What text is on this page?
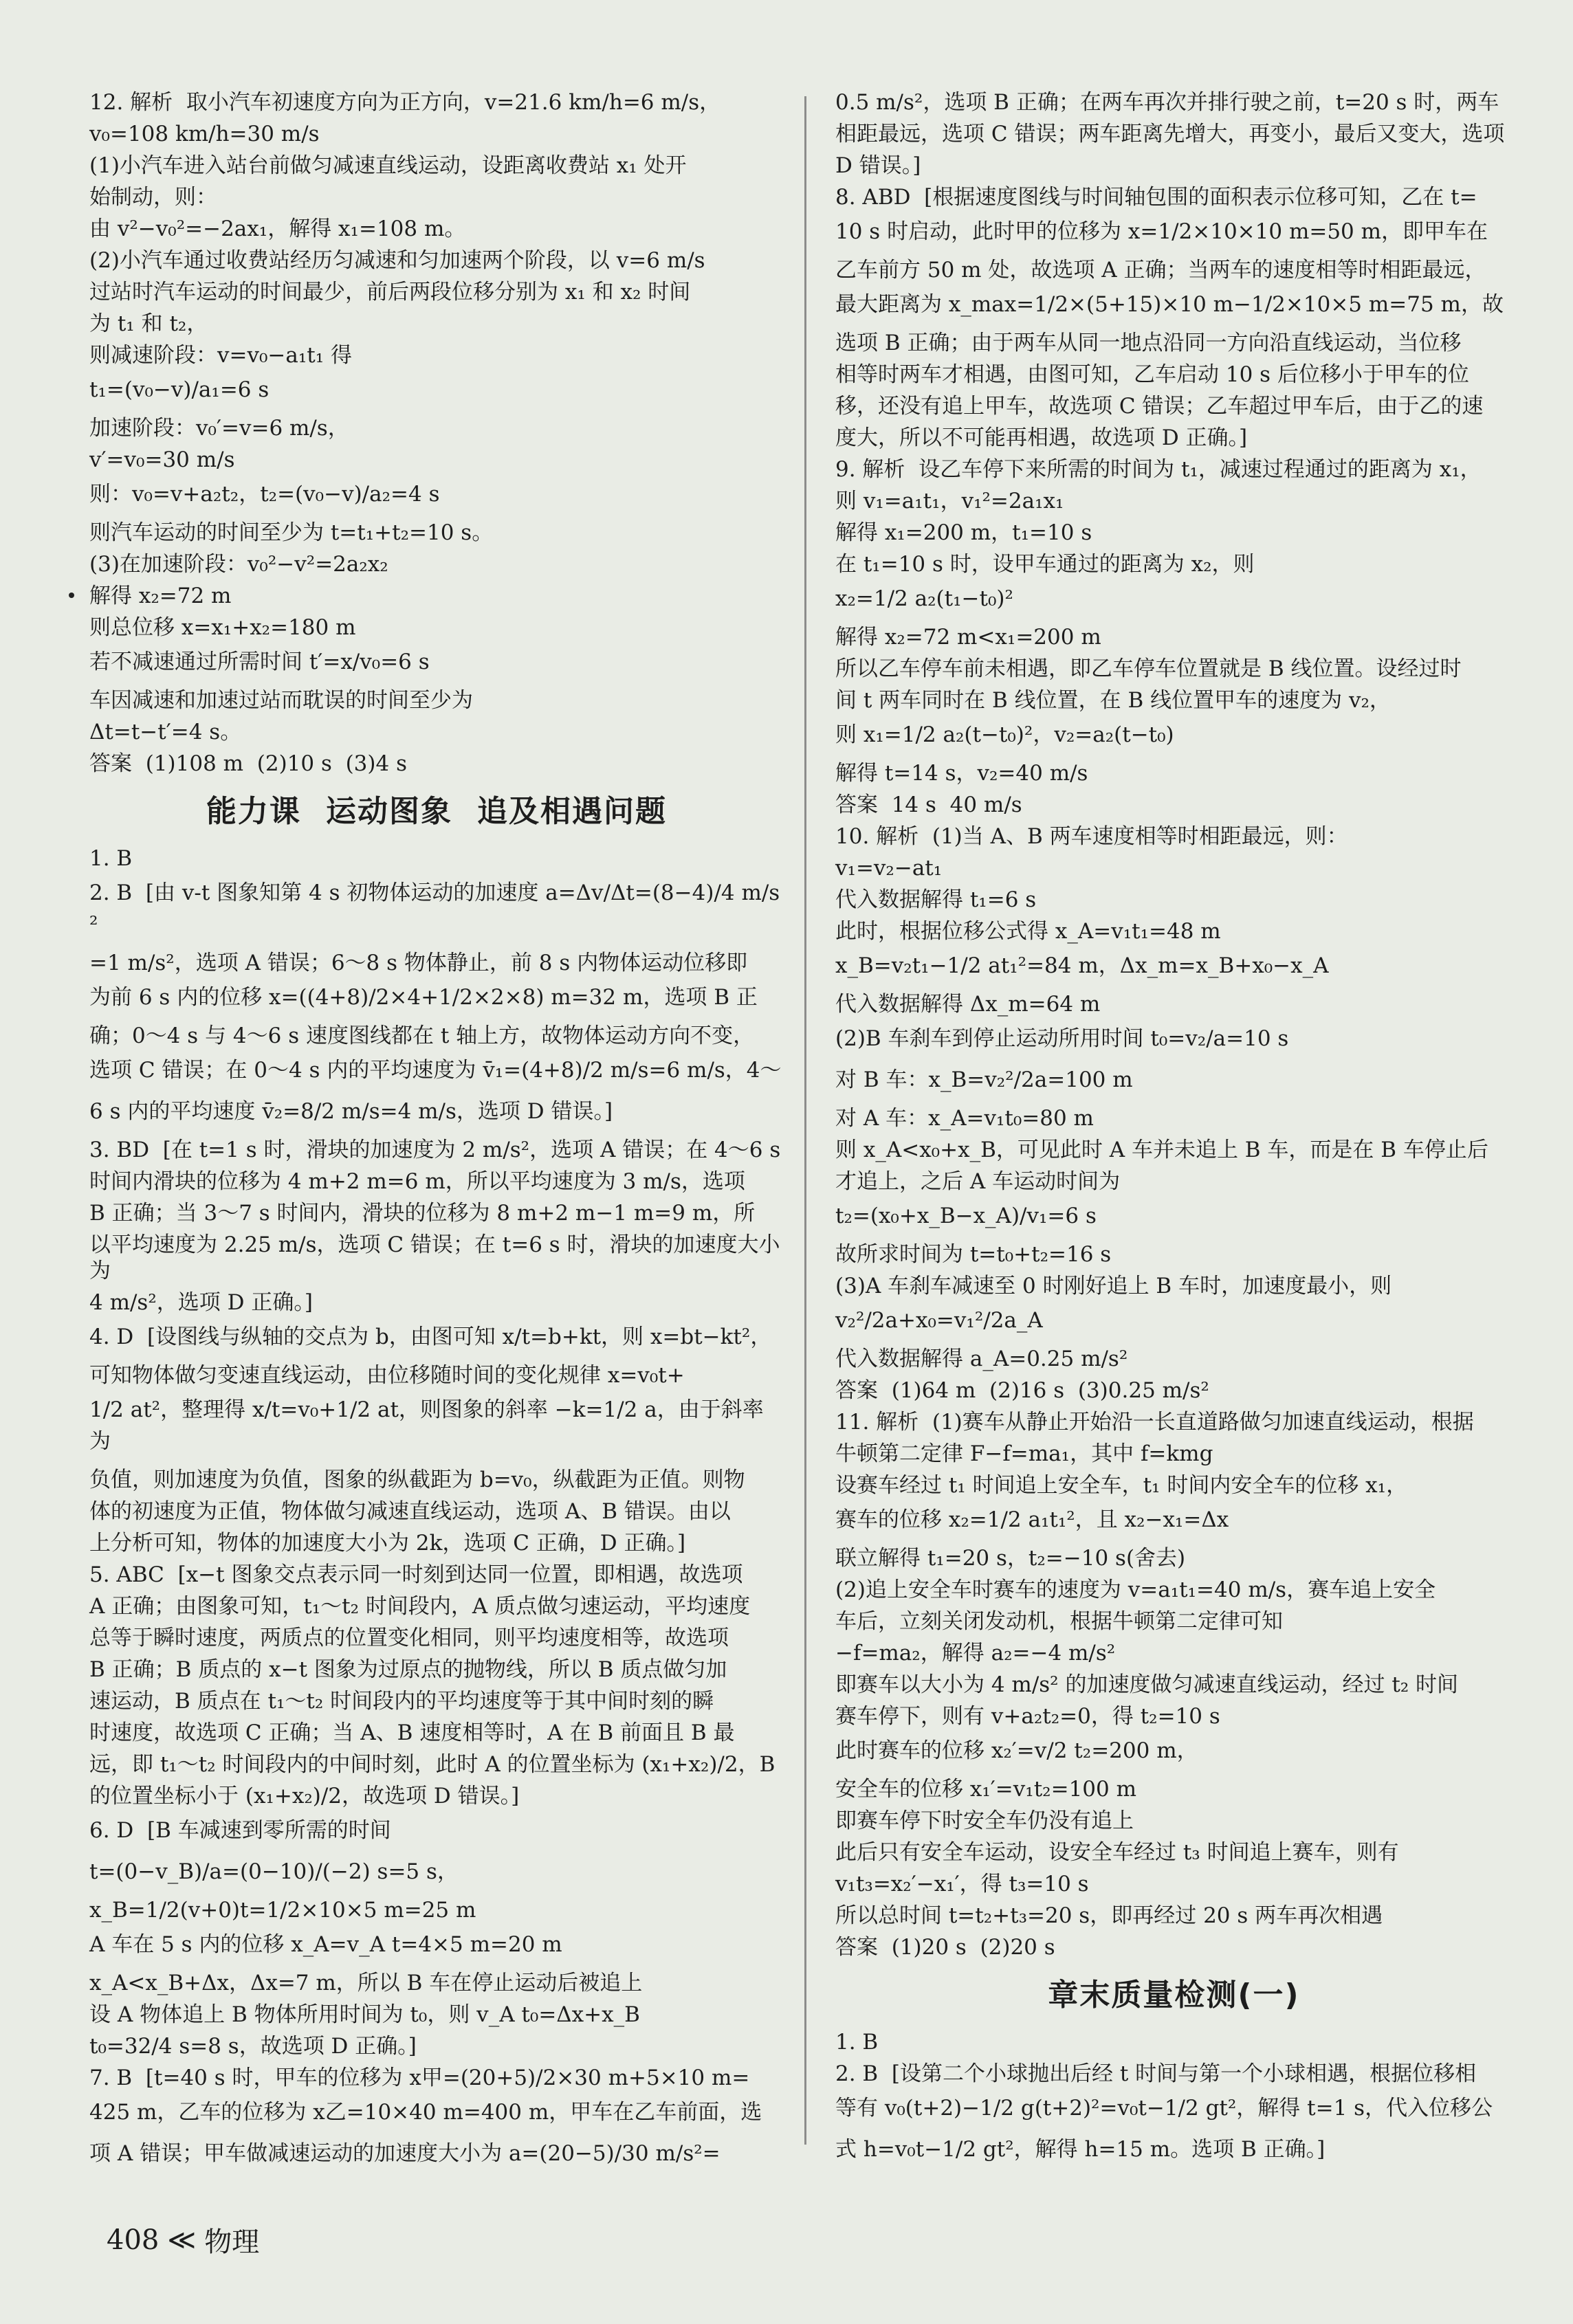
12. 解析  取小汽车初速度方向为正方向，v=21.6 km/h=6 m/s，
v₀=108 km/h=30 m/s
(1)小汽车进入站台前做匀减速直线运动，设距离收费站 x₁ 处开
始制动，则：
由 v²−v₀²=−2ax₁，解得 x₁=108 m。
(2)小汽车通过收费站经历匀减速和匀加速两个阶段，以 v=6 m/s
过站时汽车运动的时间最少，前后两段位移分别为 x₁ 和 x₂ 时间
为 t₁ 和 t₂，
则减速阶段：v=v₀−a₁t₁ 得
t₁=(v₀−v)/a₁=6 s
加速阶段：v₀′=v=6 m/s，
v′=v₀=30 m/s
则：v₀=v+a₂t₂，t₂=(v₀−v)/a₂=4 s
则汽车运动的时间至少为 t=t₁+t₂=10 s。
(3)在加速阶段：v₀²−v²=2a₂x₂
解得 x₂=72 m
则总位移 x=x₁+x₂=180 m
若不减速通过所需时间 t′=x/v₀=6 s
车因减速和加速过站而耽误的时间至少为
Δt=t−t′=4 s。
答案  (1)108 m  (2)10 s  (3)4 s
能力课 运动图象 追及相遇问题
1. B
2. B  [由 v-t 图象知第 4 s 初物体运动的加速度 a=Δv/Δt=(8−4)/4 m/s²
=1 m/s²，选项 A 错误；6～8 s 物体静止，前 8 s 内物体运动位移即
为前 6 s 内的位移 x=((4+8)/2×4+1/2×2×8) m=32 m，选项 B 正
确；0～4 s 与 4～6 s 速度图线都在 t 轴上方，故物体运动方向不变，
选项 C 错误；在 0～4 s 内的平均速度为 v̄₁=(4+8)/2 m/s=6 m/s，4～
6 s 内的平均速度 v̄₂=8/2 m/s=4 m/s，选项 D 错误。]
3. BD  [在 t=1 s 时，滑块的加速度为 2 m/s²，选项 A 错误；在 4～6 s
时间内滑块的位移为 4 m+2 m=6 m，所以平均速度为 3 m/s，选项
B 正确；当 3～7 s 时间内，滑块的位移为 8 m+2 m−1 m=9 m，所
以平均速度为 2.25 m/s，选项 C 错误；在 t=6 s 时，滑块的加速度大小为
4 m/s²，选项 D 正确。]
4. D  [设图线与纵轴的交点为 b，由图可知 x/t=b+kt，则 x=bt−kt²，
可知物体做匀变速直线运动，由位移随时间的变化规律 x=v₀t+
1/2 at²，整理得 x/t=v₀+1/2 at，则图象的斜率 −k=1/2 a，由于斜率为
负值，则加速度为负值，图象的纵截距为 b=v₀，纵截距为正值。则物
体的初速度为正值，物体做匀减速直线运动，选项 A、B 错误。由以
上分析可知，物体的加速度大小为 2k，选项 C 正确，D 正确。]
5. ABC  [x−t 图象交点表示同一时刻到达同一位置，即相遇，故选项
A 正确；由图象可知，t₁～t₂ 时间段内，A 质点做匀速运动，平均速度
总等于瞬时速度，两质点的位置变化相同，则平均速度相等，故选项
B 正确；B 质点的 x−t 图象为过原点的抛物线，所以 B 质点做匀加
速运动，B 质点在 t₁～t₂ 时间段内的平均速度等于其中间时刻的瞬
时速度，故选项 C 正确；当 A、B 速度相等时，A 在 B 前面且 B 最
远，即 t₁～t₂ 时间段内的中间时刻，此时 A 的位置坐标为 (x₁+x₂)/2，B
的位置坐标小于 (x₁+x₂)/2，故选项 D 错误。]
6. D  [B 车减速到零所需的时间
t=(0−v_B)/a=(0−10)/(−2) s=5 s，
x_B=1/2(v+0)t=1/2×10×5 m=25 m
A 车在 5 s 内的位移 x_A=v_A t=4×5 m=20 m
x_A<x_B+Δx，Δx=7 m，所以 B 车在停止运动后被追上
设 A 物体追上 B 物体所用时间为 t₀，则 v_A t₀=Δx+x_B
t₀=32/4 s=8 s，故选项 D 正确。]
7. B  [t=40 s 时，甲车的位移为 x甲=(20+5)/2×30 m+5×10 m=
425 m，乙车的位移为 x乙=10×40 m=400 m，甲车在乙车前面，选
项 A 错误；甲车做减速运动的加速度大小为 a=(20−5)/30 m/s²=
0.5 m/s²，选项 B 正确；在两车再次并排行驶之前，t=20 s 时，两车
相距最远，选项 C 错误；两车距离先增大，再变小，最后又变大，选项
D 错误。]
8. ABD  [根据速度图线与时间轴包围的面积表示位移可知，乙在 t=
10 s 时启动，此时甲的位移为 x=1/2×10×10 m=50 m，即甲车在
乙车前方 50 m 处，故选项 A 正确；当两车的速度相等时相距最远，
最大距离为 x_max=1/2×(5+15)×10 m−1/2×10×5 m=75 m，故
选项 B 正确；由于两车从同一地点沿同一方向沿直线运动，当位移
相等时两车才相遇，由图可知，乙车启动 10 s 后位移小于甲车的位
移，还没有追上甲车，故选项 C 错误；乙车超过甲车后，由于乙的速
度大，所以不可能再相遇，故选项 D 正确。]
9. 解析  设乙车停下来所需的时间为 t₁，减速过程通过的距离为 x₁，
则 v₁=a₁t₁，v₁²=2a₁x₁
解得 x₁=200 m，t₁=10 s
在 t₁=10 s 时，设甲车通过的距离为 x₂，则
x₂=1/2 a₂(t₁−t₀)²
解得 x₂=72 m<x₁=200 m
所以乙车停车前未相遇，即乙车停车位置就是 B 线位置。设经过时
间 t 两车同时在 B 线位置，在 B 线位置甲车的速度为 v₂，
则 x₁=1/2 a₂(t−t₀)²，v₂=a₂(t−t₀)
解得 t=14 s，v₂=40 m/s
答案  14 s  40 m/s
10. 解析  (1)当 A、B 两车速度相等时相距最远，则：
v₁=v₂−at₁
代入数据解得 t₁=6 s
此时，根据位移公式得 x_A=v₁t₁=48 m
x_B=v₂t₁−1/2 at₁²=84 m，Δx_m=x_B+x₀−x_A
代入数据解得 Δx_m=64 m
(2)B 车刹车到停止运动所用时间 t₀=v₂/a=10 s
对 B 车：x_B=v₂²/2a=100 m
对 A 车：x_A=v₁t₀=80 m
则 x_A<x₀+x_B，可见此时 A 车并未追上 B 车，而是在 B 车停止后
才追上，之后 A 车运动时间为
t₂=(x₀+x_B−x_A)/v₁=6 s
故所求时间为 t=t₀+t₂=16 s
(3)A 车刹车减速至 0 时刚好追上 B 车时，加速度最小，则
v₂²/2a+x₀=v₁²/2a_A
代入数据解得 a_A=0.25 m/s²
答案  (1)64 m  (2)16 s  (3)0.25 m/s²
11. 解析  (1)赛车从静止开始沿一长直道路做匀加速直线运动，根据
牛顿第二定律 F−f=ma₁，其中 f=kmg
设赛车经过 t₁ 时间追上安全车，t₁ 时间内安全车的位移 x₁，
赛车的位移 x₂=1/2 a₁t₁²，且 x₂−x₁=Δx
联立解得 t₁=20 s，t₂=−10 s(舍去)
(2)追上安全车时赛车的速度为 v=a₁t₁=40 m/s，赛车追上安全
车后，立刻关闭发动机，根据牛顿第二定律可知
−f=ma₂，解得 a₂=−4 m/s²
即赛车以大小为 4 m/s² 的加速度做匀减速直线运动，经过 t₂ 时间
赛车停下，则有 v+a₂t₂=0，得 t₂=10 s
此时赛车的位移 x₂′=v/2 t₂=200 m，
安全车的位移 x₁′=v₁t₂=100 m
即赛车停下时安全车仍没有追上
此后只有安全车运动，设安全车经过 t₃ 时间追上赛车，则有
v₁t₃=x₂′−x₁′，得 t₃=10 s
所以总时间 t=t₂+t₃=20 s，即再经过 20 s 两车再次相遇
答案  (1)20 s  (2)20 s
章末质量检测(一)
1. B
2. B  [设第二个小球抛出后经 t 时间与第一个小球相遇，根据位移相
等有 v₀(t+2)−1/2 g(t+2)²=v₀t−1/2 gt²，解得 t=1 s，代入位移公
式 h=v₀t−1/2 gt²，解得 h=15 m。选项 B 正确。]
408 ≪ 物理
